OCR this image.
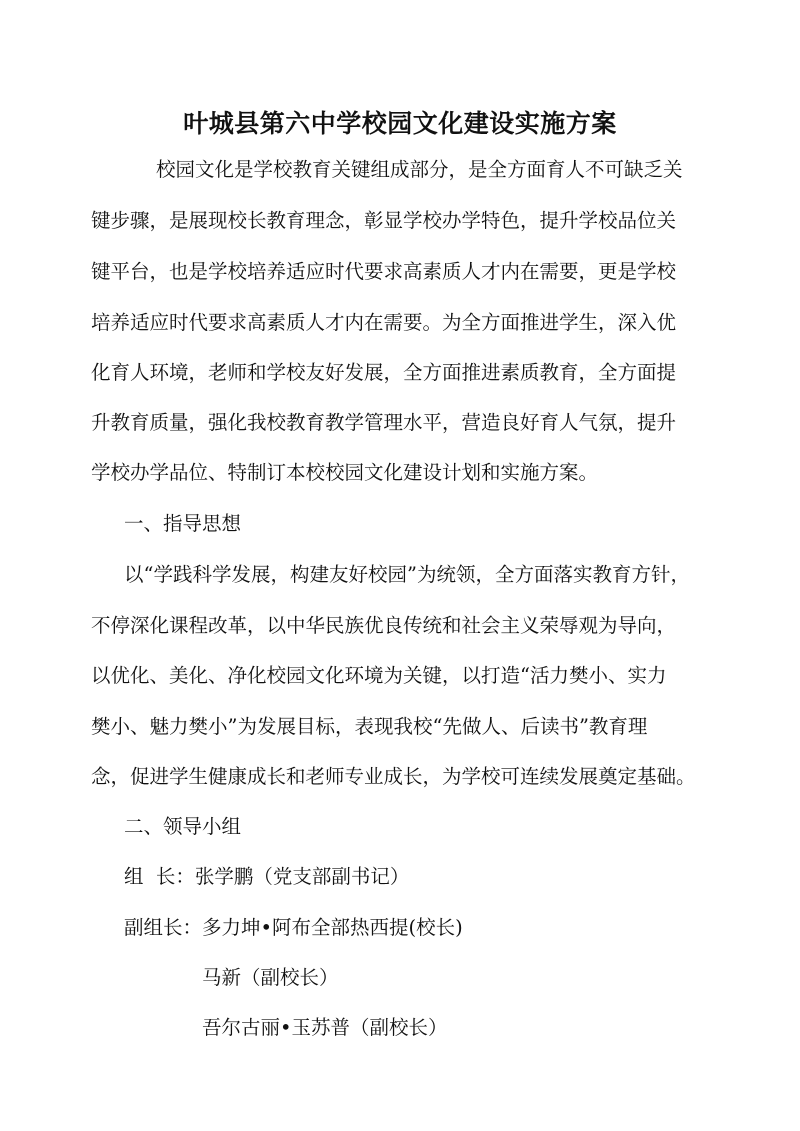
叶城县第六中学校园文化建设实施方案
校园文化是学校教育关键组成部分，是全方面育人不可缺乏关
键步骤，是展现校长教育理念，彰显学校办学特色，提升学校品位关
键平台，也是学校培养适应时代要求高素质人才内在需要，更是学校
培养适应时代要求高素质人才内在需要。为全方面推进学生，深入优
化育人环境，老师和学校友好发展，全方面推进素质教育，全方面提
升教育质量，强化我校教育教学管理水平，营造良好育人气氛，提升
学校办学品位、特制订本校校园文化建设计划和实施方案。
一、指导思想
以“学践科学发展，构建友好校园”为统领，全方面落实教育方针，
不停深化课程改革，以中华民族优良传统和社会主义荣辱观为导向，
以优化、美化、净化校园文化环境为关键，以打造“活力樊小、实力
樊小、魅力樊小”为发展目标，表现我校“先做人、后读书”教育理
念，促进学生健康成长和老师专业成长，为学校可连续发展奠定基础。
二、领导小组
组  长：张学鹏（党支部副书记）
副组长：多力坤•阿布全部热西提(校长)
马新（副校长）
吾尔古丽•玉苏普（副校长）
